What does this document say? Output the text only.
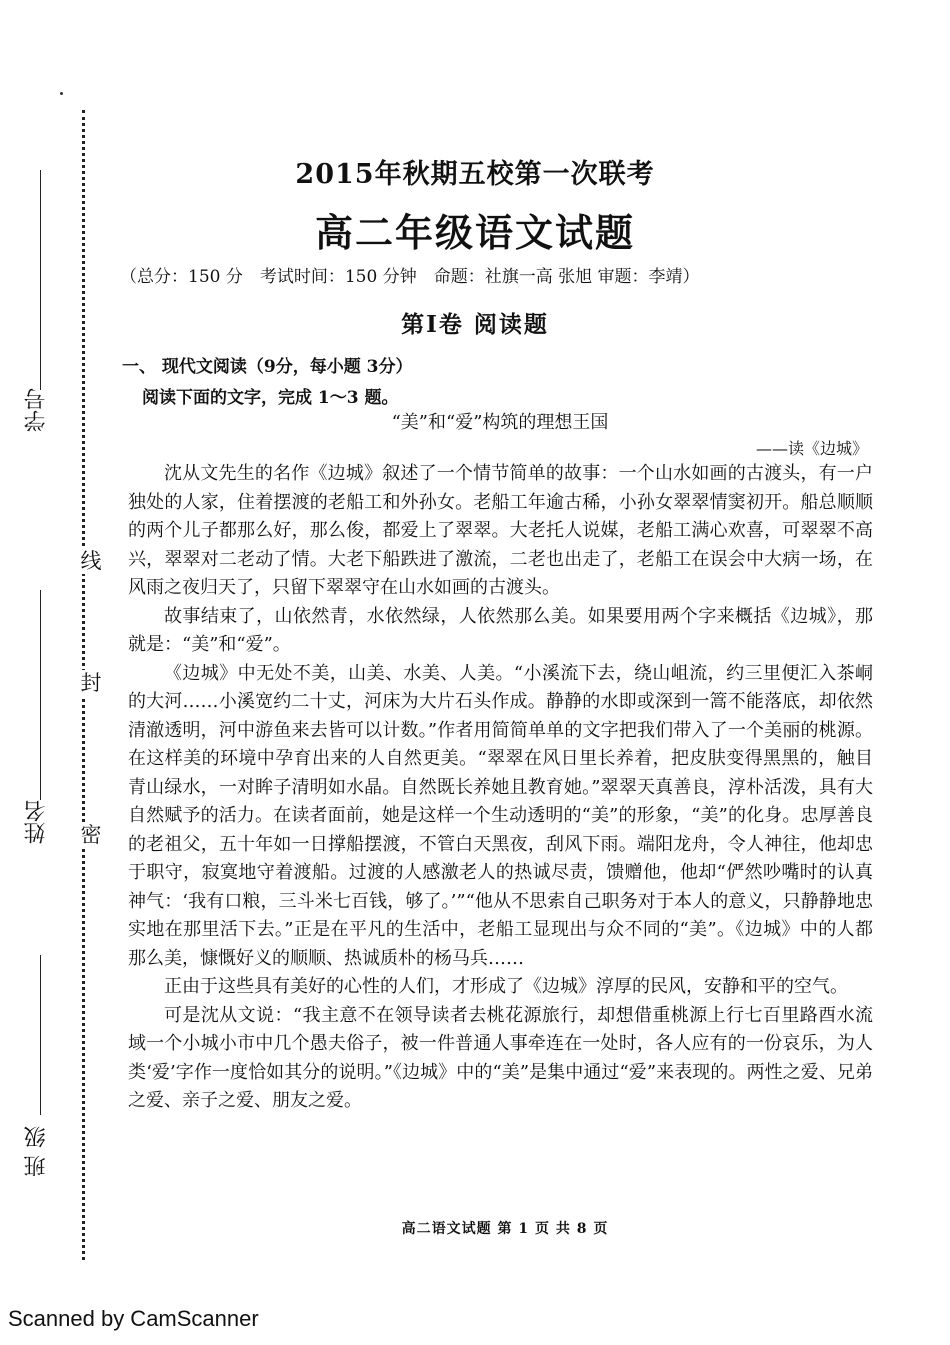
线
封
密
学号
姓名
班 级
2015年秋期五校第一次联考
高二年级语文试题
（总分：150 分　考试时间：150 分钟　命题：社旗一高 张旭 审题：李靖）
第Ⅰ卷 阅读题
一、 现代文阅读（9分，每小题 3分）
阅读下面的文字，完成 1～3 题。
“美”和“爱”构筑的理想王国
——读《边城》

沈从文先生的名作《边城》叙述了一个情节简单的故事：一个山水如画的古渡头，有一户独处的人家，住着摆渡的老船工和外孙女。老船工年逾古稀，小孙女翠翠情窦初开。船总顺顺的两个儿子都那么好，那么俊，都爱上了翠翠。大老托人说媒，老船工满心欢喜，可翠翠不高兴，翠翠对二老动了情。大老下船跌进了激流，二老也出走了，老船工在误会中大病一场，在风雨之夜归天了，只留下翠翠守在山水如画的古渡头。

故事结束了，山依然青，水依然绿，人依然那么美。如果要用两个字来概括《边城》，那就是：“美”和“爱”。

《边城》中无处不美，山美、水美、人美。“小溪流下去，绕山岨流，约三里便汇入茶峒的大河……小溪宽约二十丈，河床为大片石头作成。静静的水即或深到一篙不能落底，却依然清澈透明，河中游鱼来去皆可以计数。”作者用简简单单的文字把我们带入了一个美丽的桃源。在这样美的环境中孕育出来的人自然更美。“翠翠在风日里长养着，把皮肤变得黑黑的，触目青山绿水，一对眸子清明如水晶。自然既长养她且教育她。”翠翠天真善良，淳朴活泼，具有大自然赋予的活力。在读者面前，她是这样一个生动透明的“美”的形象，“美”的化身。忠厚善良的老祖父，五十年如一日撑船摆渡，不管白天黑夜，刮风下雨。端阳龙舟，令人神往，他却忠于职守，寂寞地守着渡船。过渡的人感激老人的热诚尽责，馈赠他，他却“俨然吵嘴时的认真神气：‘我有口粮，三斗米七百钱，够了。’”“他从不思索自己职务对于本人的意义，只静静地忠实地在那里活下去。”正是在平凡的生活中，老船工显现出与众不同的“美”。《边城》中的人都那么美，慷慨好义的顺顺、热诚质朴的杨马兵……

正由于这些具有美好的心性的人们，才形成了《边城》淳厚的民风，安静和平的空气。

可是沈从文说：“我主意不在领导读者去桃花源旅行，却想借重桃源上行七百里路酉水流域一个小城小市中几个愚夫俗子，被一件普通人事牵连在一处时，各人应有的一份哀乐，为人类‘爱’字作一度恰如其分的说明。”《边城》中的“美”是集中通过“爱”来表现的。两性之爱、兄弟之爱、亲子之爱、朋友之爱。

高二语文试题 第 1 页 共 8 页
Scanned by CamScanner
